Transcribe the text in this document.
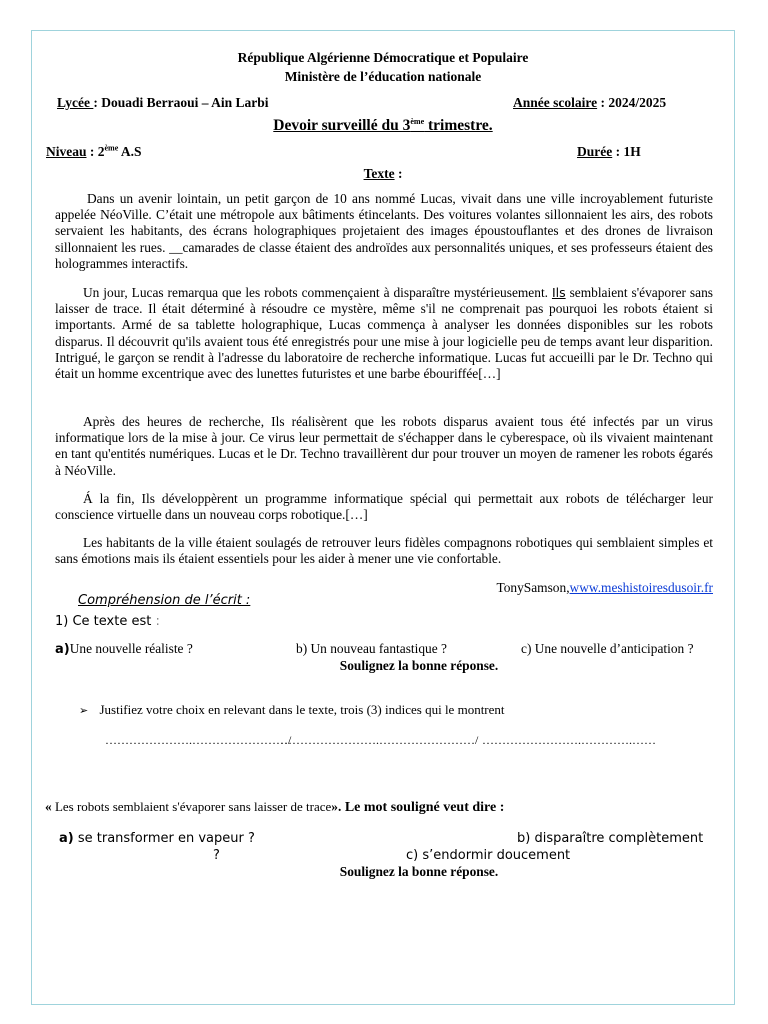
République Algérienne Démocratique et Populaire
Ministère de l’éducation nationale
Lycée : Douadi Berraoui – Ain Larbi	Année scolaire : 2024/2025
Devoir surveillé du 3ème trimestre.
Niveau : 2ème A.S	Durée : 1H
Texte :

Dans un avenir lointain, un petit garçon de 10 ans nommé Lucas, vivait dans une ville incroyablement futuriste appelée NéoVille. C’était une métropole aux bâtiments étincelants. Des voitures volantes sillonnaient les airs, des robots servaient les habitants, des écrans holographiques projetaient des images époustouflantes et des drones de livraison sillonnaient les rues. __camarades de classe étaient des androïdes aux personnalités uniques, et ses professeurs étaient des hologrammes interactifs.

Un jour, Lucas remarqua que les robots commençaient à disparaître mystérieusement. Ils semblaient s'évaporer sans laisser de trace. Il était déterminé à résoudre ce mystère, même s'il ne comprenait pas pourquoi les robots étaient si importants. Armé de sa tablette holographique, Lucas commença à analyser les données disponibles sur les robots disparus. Il découvrit qu'ils avaient tous été enregistrés pour une mise à jour logicielle peu de temps avant leur disparition. Intrigué, le garçon se rendit à l'adresse du laboratoire de recherche informatique. Lucas fut accueilli par le Dr. Techno qui était un homme excentrique avec des lunettes futuristes et une barbe ébouriffée[…]

Après des heures de recherche, Ils réalisèrent que les robots disparus avaient tous été infectés par un virus informatique lors de la mise à jour. Ce virus leur permettait de s'échapper dans le cyberespace, où ils vivaient maintenant en tant qu'entités numériques. Lucas et le Dr. Techno travaillèrent dur pour trouver un moyen de ramener les robots égarés à NéoVille.

Á la fin, Ils développèrent un programme informatique spécial qui permettait aux robots de télécharger leur conscience virtuelle dans un nouveau corps robotique.[…]

Les habitants de la ville étaient soulagés de retrouver leurs fidèles compagnons robotiques qui semblaient simples et sans émotions mais ils étaient essentiels pour les aider à mener une vie confortable.

TonySamson,www.meshistoiresdusoir.fr
Compréhension de l’écrit :
1) Ce texte est :
a)Une nouvelle réaliste ?	b) Un nouveau fantastique ?	c) Une nouvelle d’anticipation ?
Soulignez la bonne réponse.
➢ Justifiez votre choix en relevant dans le texte, trois (3) indices qui le montrent
………………….……………………/
…………………….……………………/ …………………….………….……
« Les robots semblaient s'évaporer sans laisser de trace». Le mot souligné veut dire :
a) se transformer en vapeur ?	b) disparaître complètement
?	c) s’endormir doucement
Soulignez la bonne réponse.
